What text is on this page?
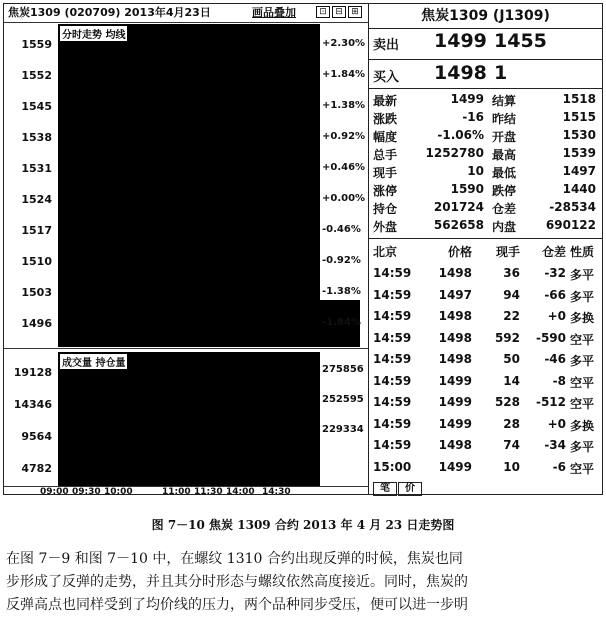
焦炭1309 (020709) 2013年4月23日	画品叠加	⊡ ⊟ ⊞
分时走势 均线
1559
1552
1545
1538
1531
1524
1517
1510
1503
1496
+2.30%
+1.84%
+1.38%
+0.92%
+0.46%
+0.00%
-0.46%
-0.92%
-1.38%
-1.84%
成交量 持仓量
19128
14346
9564
4782
275856
252595
229334
09:00 09:30 10:00	11:00 11:30 14:00 14:30
焦炭1309 (J1309)
卖出 1499 1455
买入 1498 1
最新	1499 结算	1518
涨跌	-16 昨结	1515
幅度	-1.06% 开盘	1530
总手	1252780 最高	1539
现手	10 最低	1497
涨停	1590 跌停	1440
持仓	201724 仓差	-28534
外盘	562658 内盘	690122
北京	价格	现手	仓差 性质
14:59	1498	36	-32 多平
14:59	1497	94	-66 多平
14:59	1498	22	+0 多换
14:59	1498	592	-590 空平
14:59	1498	50	-46 多平
14:59	1499	14	-8 空平
14:59	1499	528	-512 空平
14:59	1499	28	+0 多换
14:59	1498	74	-34 多平
15:00	1499	10	-6 空平
笔	价
图 7－10 焦炭 1309 合约 2013 年 4 月 23 日走势图

在图 7－9 和图 7－10 中，在螺纹 1310 合约出现反弹的时候，焦炭也同

步形成了反弹的走势，并且其分时形态与螺纹依然高度接近。同时，焦炭的

反弹高点也同样受到了均价线的压力，两个品种同步受压，便可以进一步明
